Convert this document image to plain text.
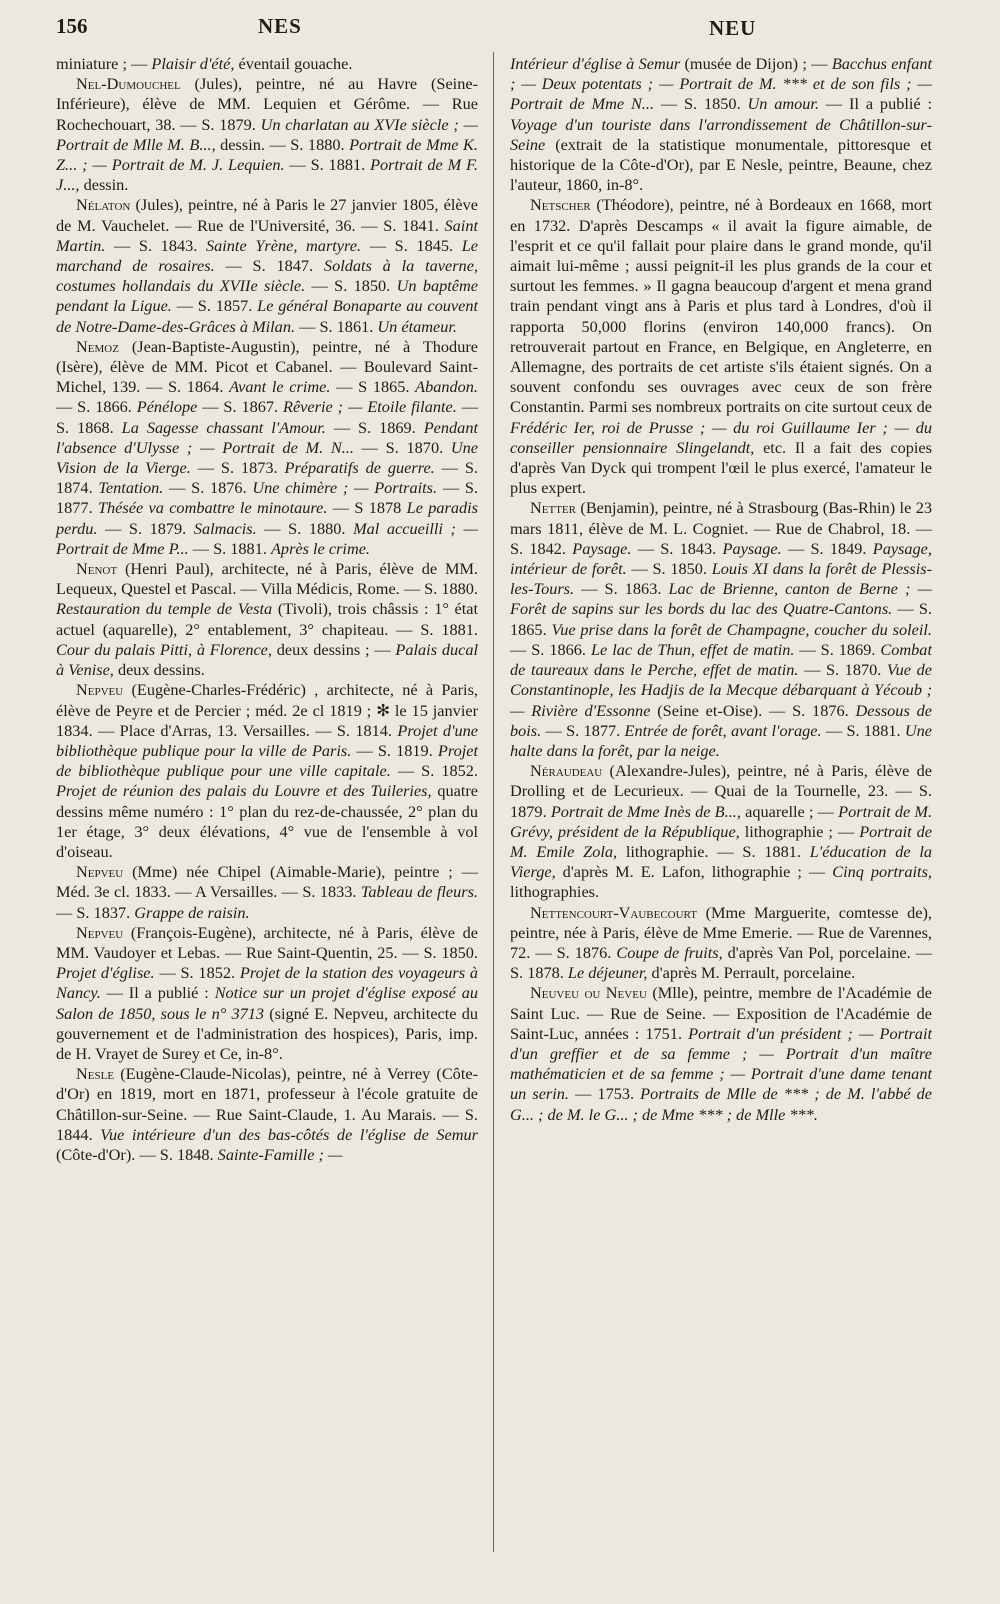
156	NES	NEU

miniature ; — Plaisir d'été, éventail gouache.

Nel-Dumouchel (Jules), peintre, né au Havre (Seine-Inférieure), élève de MM. Lequien et Gérôme. — Rue Rochechouart, 38. — S. 1879. Un charlatan au XVIe siècle ; — Portrait de Mlle M. B..., dessin. — S. 1880. Portrait de Mme K. Z... ; — Portrait de M. J. Lequien. — S. 1881. Portrait de M F. J..., dessin.

Nélaton (Jules), peintre, né à Paris le 27 janvier 1805, élève de M. Vauchelet. — Rue de l'Université, 36. — S. 1841. Saint Martin. — S. 1843. Sainte Yrène, martyre. — S. 1845. Le marchand de rosaires. — S. 1847. Soldats à la taverne, costumes hollandais du XVIIe siècle. — S. 1850. Un baptême pendant la Ligue. — S. 1857. Le général Bonaparte au couvent de Notre-Dame-des-Grâces à Milan. — S. 1861. Un étameur.

Nemoz (Jean-Baptiste-Augustin), peintre, né à Thodure (Isère), élève de MM. Picot et Cabanel. — Boulevard Saint-Michel, 139. — S. 1864. Avant le crime. — S 1865. Abandon. — S. 1866. Pénélope — S. 1867. Rêverie ; — Etoile filante. — S. 1868. La Sagesse chassant l'Amour. — S. 1869. Pendant l'absence d'Ulysse ; — Portrait de M. N... — S. 1870. Une Vision de la Vierge. — S. 1873. Préparatifs de guerre. — S. 1874. Tentation. — S. 1876. Une chimère ; — Portraits. — S. 1877. Thésée va combattre le minotaure. — S 1878 Le paradis perdu. — S. 1879. Salmacis. — S. 1880. Mal accueilli ; — Portrait de Mme P... — S. 1881. Après le crime.

Nenot (Henri Paul), architecte, né à Paris, élève de MM. Lequeux, Questel et Pascal. — Villa Médicis, Rome. — S. 1880. Restauration du temple de Vesta (Tivoli), trois châssis : 1° état actuel (aquarelle), 2° entablement, 3° chapiteau. — S. 1881. Cour du palais Pitti, à Florence, deux dessins ; — Palais ducal à Venise, deux dessins.

Nepveu (Eugène-Charles-Frédéric) , architecte, né à Paris, élève de Peyre et de Percier ; méd. 2e cl 1819 ; ✻ le 15 janvier 1834. — Place d'Arras, 13. Versailles. — S. 1814. Projet d'une bibliothèque publique pour la ville de Paris. — S. 1819. Projet de bibliothèque publique pour une ville capitale. — S. 1852. Projet de réunion des palais du Louvre et des Tuileries, quatre dessins même numéro : 1° plan du rez-de-chaussée, 2° plan du 1er étage, 3° deux élévations, 4° vue de l'ensemble à vol d'oiseau.

Nepveu (Mme) née Chipel (Aimable-Marie), peintre ; — Méd. 3e cl. 1833. — A Versailles. — S. 1833. Tableau de fleurs. — S. 1837. Grappe de raisin.

Nepveu (François-Eugène), architecte, né à Paris, élève de MM. Vaudoyer et Lebas. — Rue Saint-Quentin, 25. — S. 1850. Projet d'église. — S. 1852. Projet de la station des voyageurs à Nancy. — Il a publié : Notice sur un projet d'église exposé au Salon de 1850, sous le n° 3713 (signé E. Nepveu, architecte du gouvernement et de l'administration des hospices), Paris, imp. de H. Vrayet de Surey et Ce, in-8°.

Nesle (Eugène-Claude-Nicolas), peintre, né à Verrey (Côte-d'Or) en 1819, mort en 1871, professeur à l'école gratuite de Châtillon-sur-Seine. — Rue Saint-Claude, 1. Au Marais. — S. 1844. Vue intérieure d'un des bas-côtés de l'église de Semur (Côte-d'Or). — S. 1848. Sainte-Famille ; —

Intérieur d'église à Semur (musée de Dijon) ; — Bacchus enfant ; — Deux potentats ; — Portrait de M. *** et de son fils ; — Portrait de Mme N... — S. 1850. Un amour. — Il a publié : Voyage d'un touriste dans l'arrondissement de Châtillon-sur-Seine (extrait de la statistique monumentale, pittoresque et historique de la Côte-d'Or), par E Nesle, peintre, Beaune, chez l'auteur, 1860, in-8°.

Netscher (Théodore), peintre, né à Bordeaux en 1668, mort en 1732. D'après Descamps « il avait la figure aimable, de l'esprit et ce qu'il fallait pour plaire dans le grand monde, qu'il aimait lui-même ; aussi peignit-il les plus grands de la cour et surtout les femmes. » Il gagna beaucoup d'argent et mena grand train pendant vingt ans à Paris et plus tard à Londres, d'où il rapporta 50,000 florins (environ 140,000 francs). On retrouverait partout en France, en Belgique, en Angleterre, en Allemagne, des portraits de cet artiste s'ils étaient signés. On a souvent confondu ses ouvrages avec ceux de son frère Constantin. Parmi ses nombreux portraits on cite surtout ceux de Frédéric Ier, roi de Prusse ; — du roi Guillaume Ier ; — du conseiller pensionnaire Slingelandt, etc. Il a fait des copies d'après Van Dyck qui trompent l'œil le plus exercé, l'amateur le plus expert.

Netter (Benjamin), peintre, né à Strasbourg (Bas-Rhin) le 23 mars 1811, élève de M. L. Cogniet. — Rue de Chabrol, 18. — S. 1842. Paysage. — S. 1843. Paysage. — S. 1849. Paysage, intérieur de forêt. — S. 1850. Louis XI dans la forêt de Plessis-les-Tours. — S. 1863. Lac de Brienne, canton de Berne ; — Forêt de sapins sur les bords du lac des Quatre-Cantons. — S. 1865. Vue prise dans la forêt de Champagne, coucher du soleil. — S. 1866. Le lac de Thun, effet de matin. — S. 1869. Combat de taureaux dans le Perche, effet de matin. — S. 1870. Vue de Constantinople, les Hadjis de la Mecque débarquant à Yécoub ; — Rivière d'Essonne (Seine et-Oise). — S. 1876. Dessous de bois. — S. 1877. Entrée de forêt, avant l'orage. — S. 1881. Une halte dans la forêt, par la neige.

Néraudeau (Alexandre-Jules), peintre, né à Paris, élève de Drolling et de Lecurieux. — Quai de la Tournelle, 23. — S. 1879. Portrait de Mme Inès de B..., aquarelle ; — Portrait de M. Grévy, président de la République, lithographie ; — Portrait de M. Emile Zola, lithographie. — S. 1881. L'éducation de la Vierge, d'après M. E. Lafon, lithographie ; — Cinq portraits, lithographies.

Nettencourt-Vaubecourt (Mme Marguerite, comtesse de), peintre, née à Paris, élève de Mme Emerie. — Rue de Varennes, 72. — S. 1876. Coupe de fruits, d'après Van Pol, porcelaine. — S. 1878. Le déjeuner, d'après M. Perrault, porcelaine.

Neuveu ou Neveu (Mlle), peintre, membre de l'Académie de Saint Luc. — Rue de Seine. — Exposition de l'Académie de Saint-Luc, années : 1751. Portrait d'un président ; — Portrait d'un greffier et de sa femme ; — Portrait d'un maître mathématicien et de sa femme ; — Portrait d'une dame tenant un serin. — 1753. Portraits de Mlle de *** ; de M. l'abbé de G... ; de M. le G... ; de Mme *** ; de Mlle ***.
